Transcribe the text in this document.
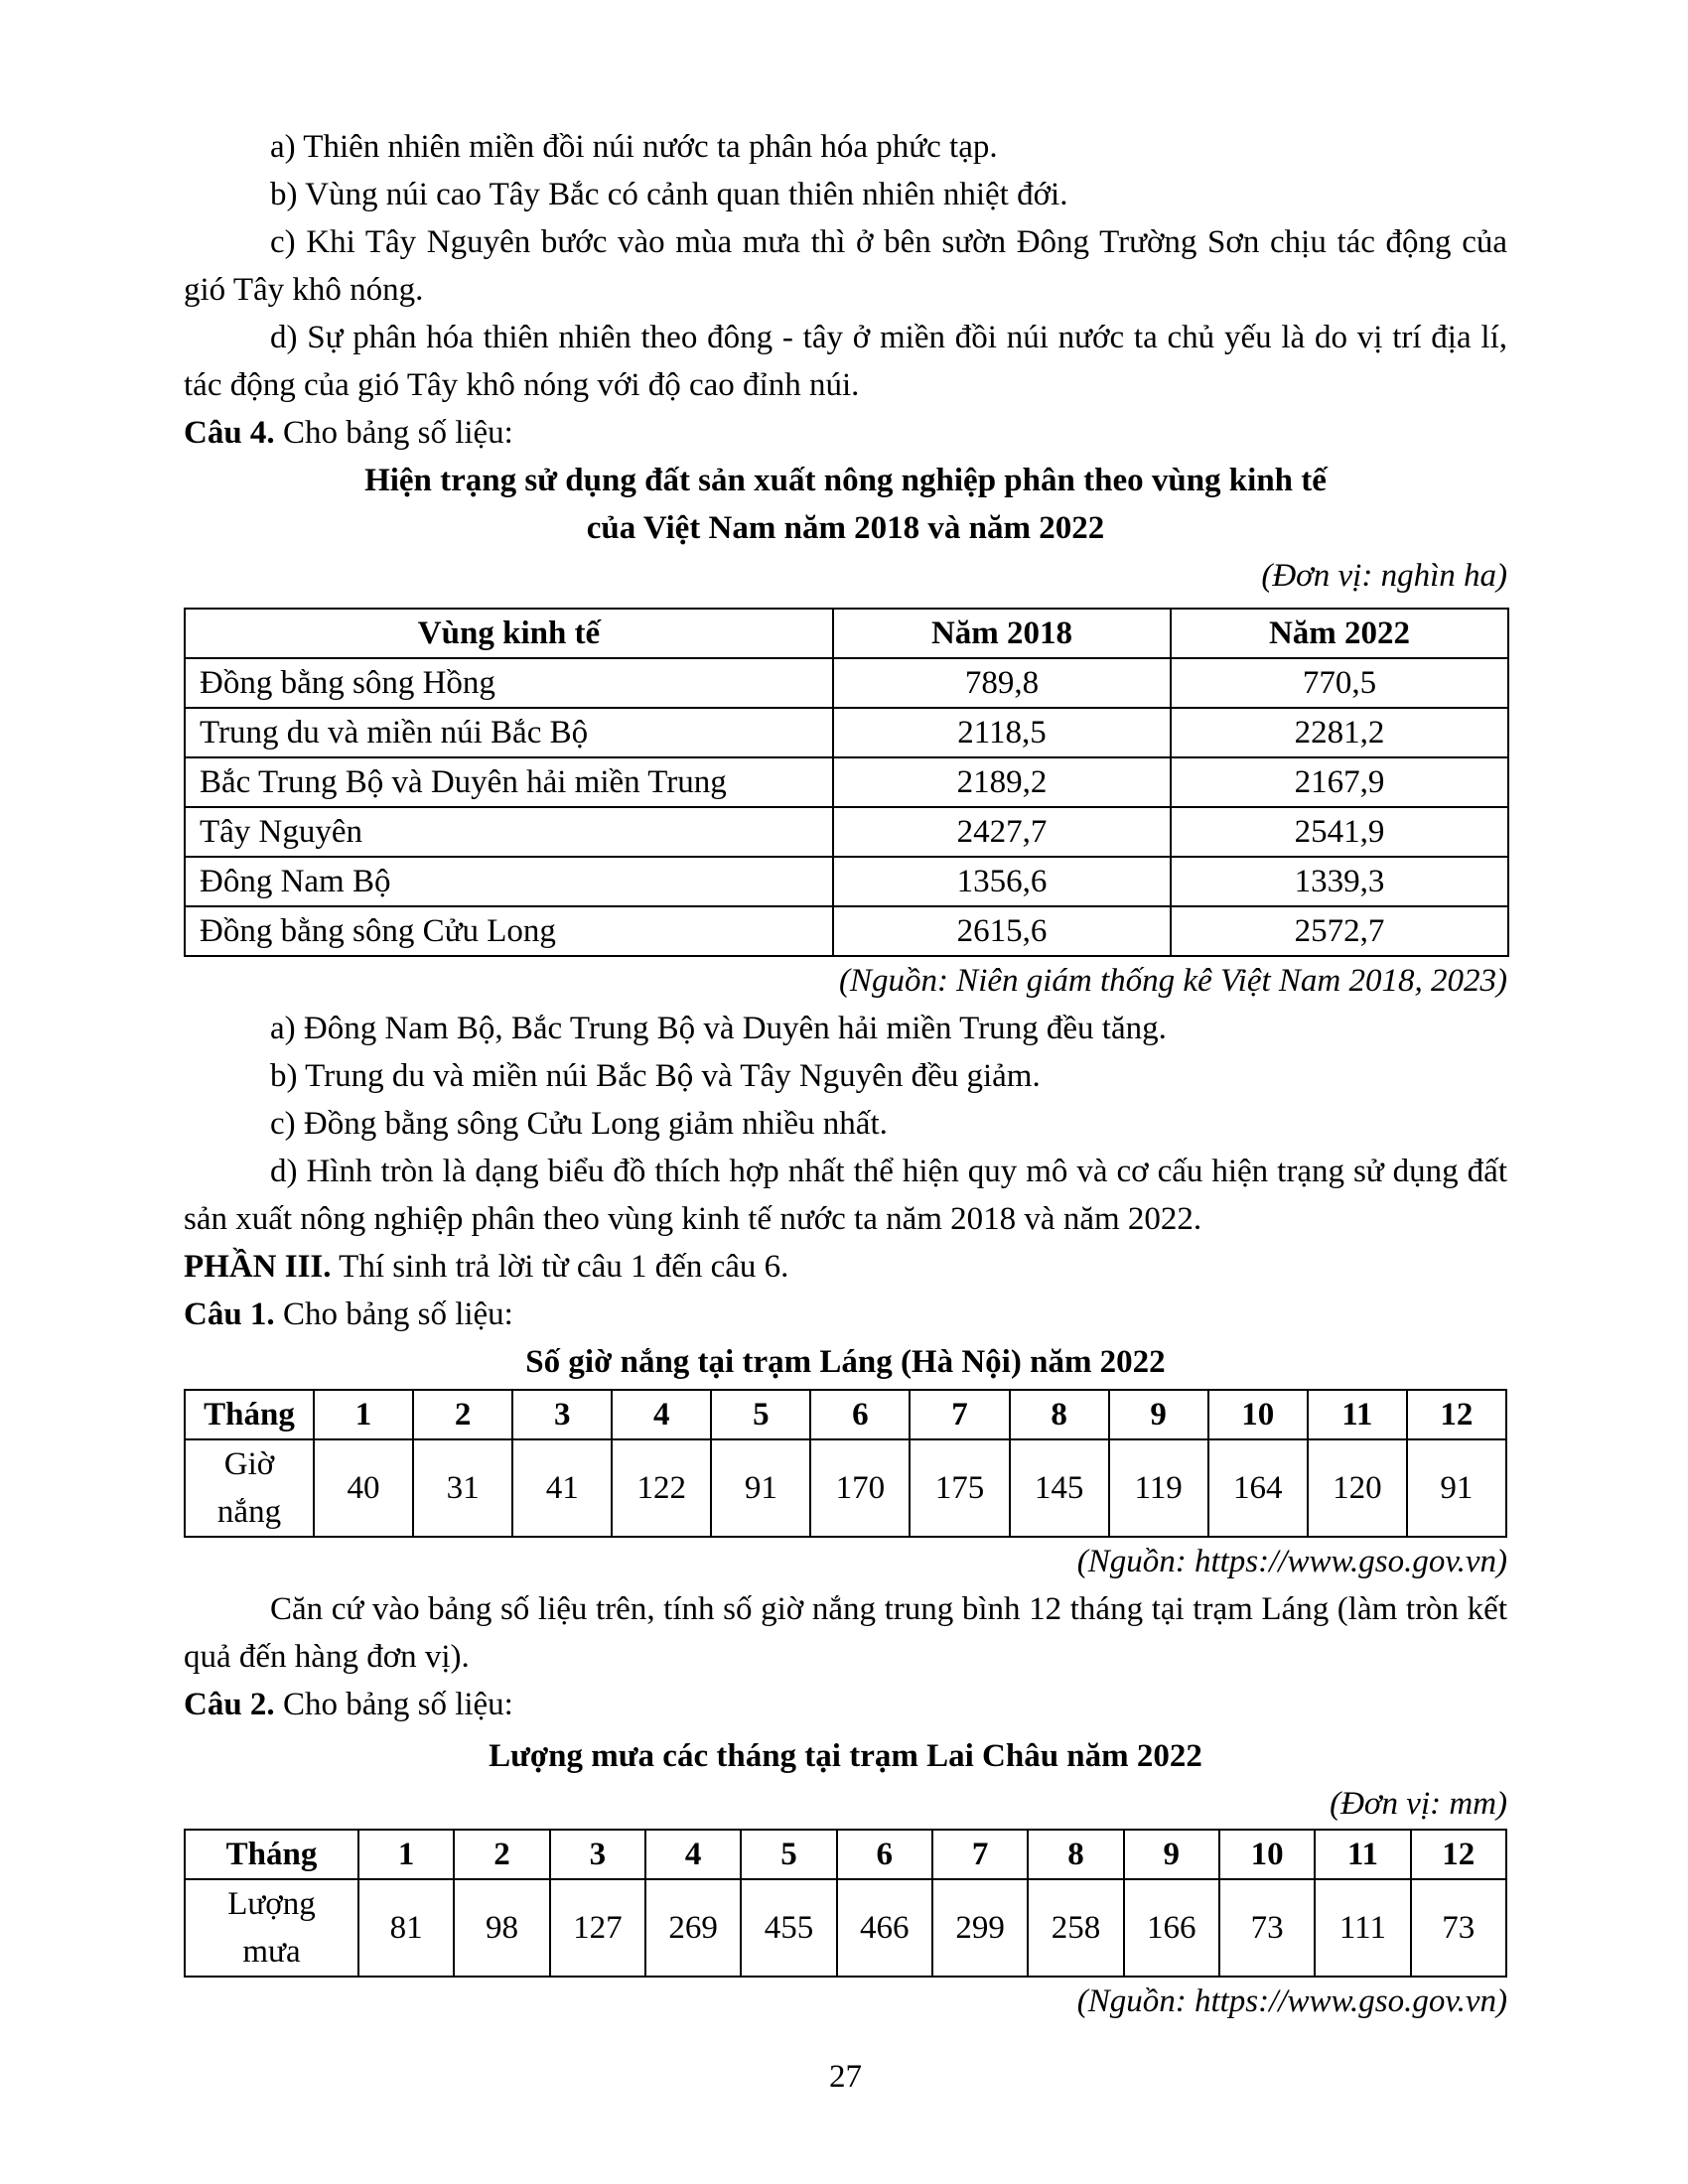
a) Thiên nhiên miền đồi núi nước ta phân hóa phức tạp.

b) Vùng núi cao Tây Bắc có cảnh quan thiên nhiên nhiệt đới.

c) Khi Tây Nguyên bước vào mùa mưa thì ở bên sườn Đông Trường Sơn chịu tác động của gió Tây khô nóng.

d) Sự phân hóa thiên nhiên theo đông - tây ở miền đồi núi nước ta chủ yếu là do vị trí địa lí, tác động của gió Tây khô nóng với độ cao đỉnh núi.

Câu 4. Cho bảng số liệu:

Hiện trạng sử dụng đất sản xuất nông nghiệp phân theo vùng kinh tế

của Việt Nam năm 2018 và năm 2022

(Đơn vị: nghìn ha)

Vùng kinh tế	Năm 2018	Năm 2022
Đồng bằng sông Hồng	789,8	770,5
Trung du và miền núi Bắc Bộ	2118,5	2281,2
Bắc Trung Bộ và Duyên hải miền Trung	2189,2	2167,9
Tây Nguyên	2427,7	2541,9
Đông Nam Bộ	1356,6	1339,3
Đồng bằng sông Cửu Long	2615,6	2572,7

(Nguồn: Niên giám thống kê Việt Nam 2018, 2023)

a) Đông Nam Bộ, Bắc Trung Bộ và Duyên hải miền Trung đều tăng.

b) Trung du và miền núi Bắc Bộ và Tây Nguyên đều giảm.

c) Đồng bằng sông Cửu Long giảm nhiều nhất.

d) Hình tròn là dạng biểu đồ thích hợp nhất thể hiện quy mô và cơ cấu hiện trạng sử dụng đất sản xuất nông nghiệp phân theo vùng kinh tế nước ta năm 2018 và năm 2022.

PHẦN III. Thí sinh trả lời từ câu 1 đến câu 6.

Câu 1. Cho bảng số liệu:

Số giờ nắng tại trạm Láng (Hà Nội) năm 2022

Tháng	1	2	3	4	5	6	7	8	9	10	11	12

Giờ
nắng	40	31	41	122	91	170	175	145	119	164	120	91

(Nguồn: https://www.gso.gov.vn)

Căn cứ vào bảng số liệu trên, tính số giờ nắng trung bình 12 tháng tại trạm Láng (làm tròn kết quả đến hàng đơn vị).

Câu 2. Cho bảng số liệu:

Lượng mưa các tháng tại trạm Lai Châu năm 2022

(Đơn vị: mm)

Tháng	1	2	3	4	5	6	7	8	9	10	11	12

Lượng
mưa	81	98	127	269	455	466	299	258	166	73	111	73

(Nguồn: https://www.gso.gov.vn)

27
